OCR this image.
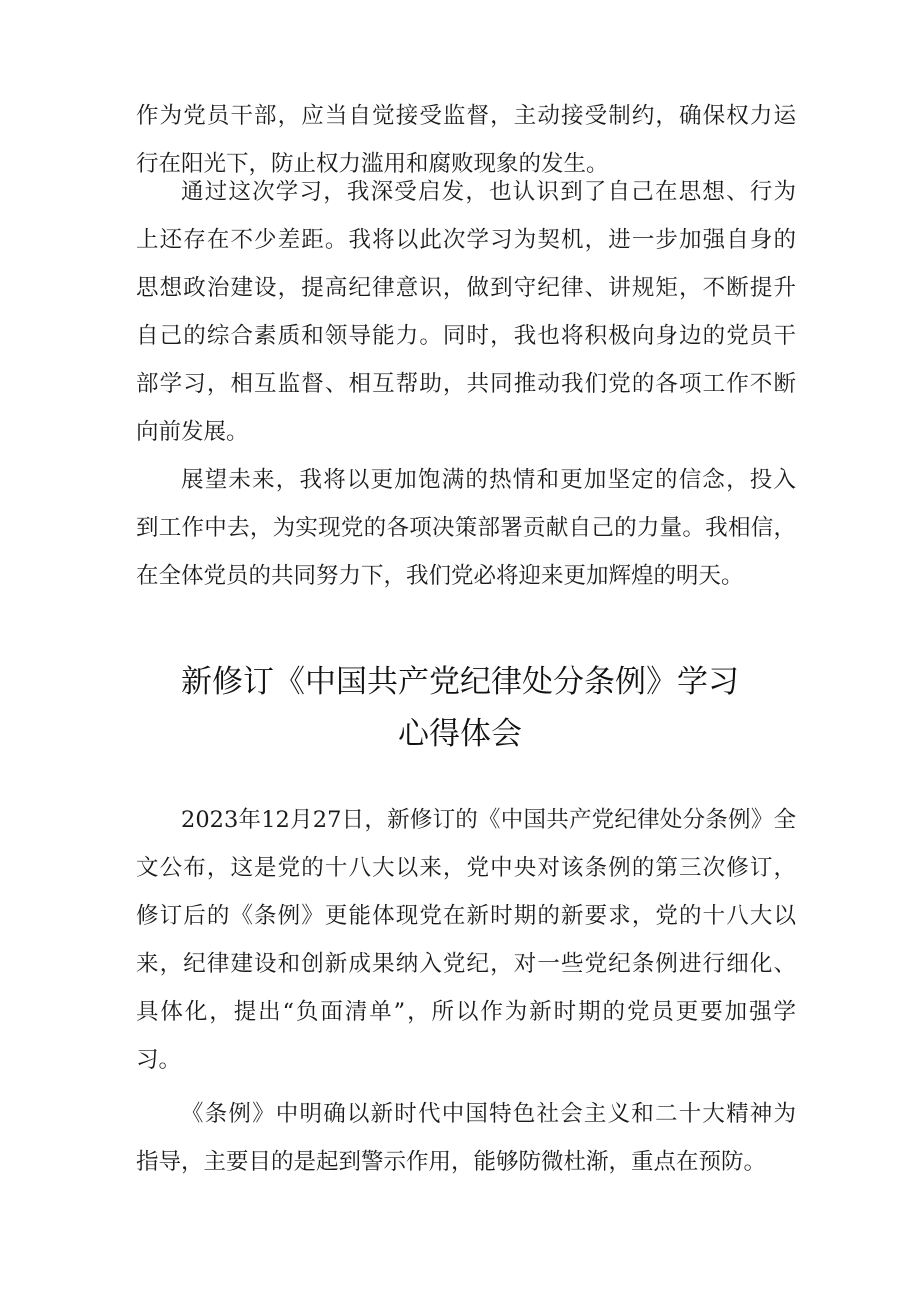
作为党员干部，应当自觉接受监督，主动接受制约，确保权力运
行在阳光下，防止权力滥用和腐败现象的发生。
通过这次学习，我深受启发，也认识到了自己在思想、行为
上还存在不少差距。我将以此次学习为契机，进一步加强自身的
思想政治建设，提高纪律意识，做到守纪律、讲规矩，不断提升
自己的综合素质和领导能力。同时，我也将积极向身边的党员干
部学习，相互监督、相互帮助，共同推动我们党的各项工作不断
向前发展。
展望未来，我将以更加饱满的热情和更加坚定的信念，投入
到工作中去，为实现党的各项决策部署贡献自己的力量。我相信，
在全体党员的共同努力下，我们党必将迎来更加辉煌的明天。
新修订《中国共产党纪律处分条例》学习
心得体会
2023年12月27日，新修订的《中国共产党纪律处分条例》全
文公布，这是党的十八大以来，党中央对该条例的第三次修订，
修订后的《条例》更能体现党在新时期的新要求，党的十八大以
来，纪律建设和创新成果纳入党纪，对一些党纪条例进行细化、
具体化，提出“负面清单”，所以作为新时期的党员更要加强学
习。
《条例》中明确以新时代中国特色社会主义和二十大精神为
指导，主要目的是起到警示作用，能够防微杜渐，重点在预防。
